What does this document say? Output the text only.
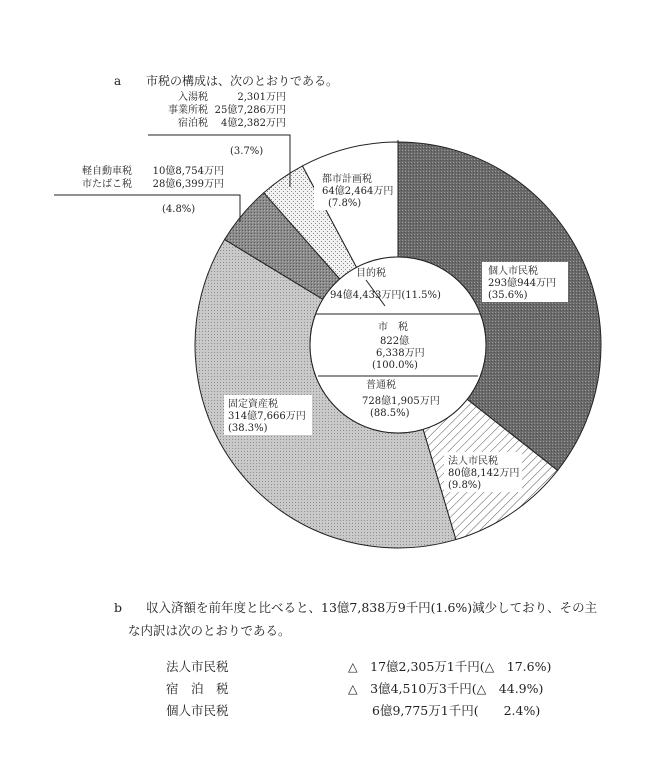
a 市税の構成は、次のとおりである。
個人市民税
293億944万円
(35.6%)
法人市民税
80億8,142万円
(9.8%)
固定資産税
314億7,666万円
(38.3%)
都市計画税
64億2,464万円
(7.8%)
目的税
94億4,433万円(11.5%)
市　税
822億
6,338万円
(100.0%)
普通税
728億1,905万円
(88.5%)
入湯税	2,301万円
事業所税 25億7,286万円
宿泊税 4億2,382万円
(3.7%)
軽自動車税 10億8,754万円
市たばこ税 28億6,399万円
(4.8%)
b 収入済額を前年度と比べると、13億7,838万9千円(1.6%)減少しており、その主
な内訳は次のとおりである。
法人市民税	△　17億2,305万1千円(△　17.6%)
宿　泊　税	△　3億4,510万3千円(△　44.9%)
個人市民税	6億9,775万1千円(　　2.4%)
